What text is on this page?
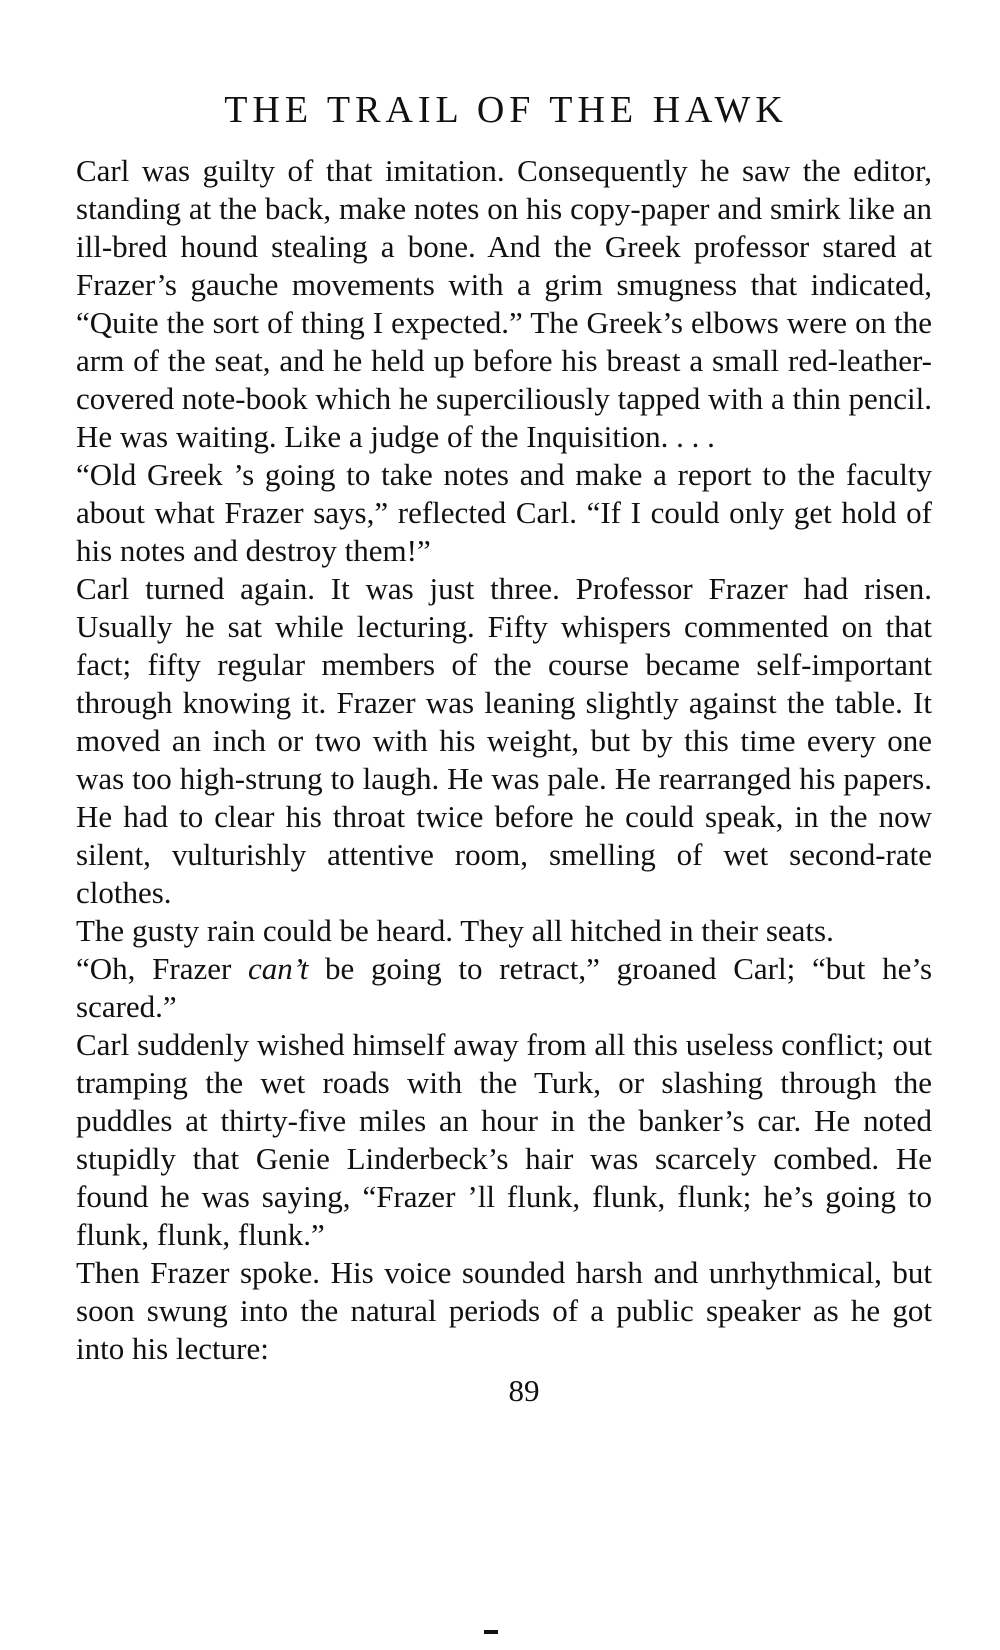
THE TRAIL OF THE HAWK

Carl was guilty of that imitation. Consequently he saw the editor, standing at the back, make notes on his copy-paper and smirk like an ill-bred hound stealing a bone. And the Greek professor stared at Frazer’s gauche movements with a grim smugness that indicated, “Quite the sort of thing I expected.” The Greek’s elbows were on the arm of the seat, and he held up before his breast a small red-leather-covered note-book which he superciliously tapped with a thin pencil. He was waiting. Like a judge of the Inquisition. . . .

“Old Greek ’s going to take notes and make a report to the faculty about what Frazer says,” reflected Carl. “If I could only get hold of his notes and destroy them!”

Carl turned again. It was just three. Professor Frazer had risen. Usually he sat while lecturing. Fifty whispers commented on that fact; fifty regular members of the course became self-important through knowing it. Frazer was leaning slightly against the table. It moved an inch or two with his weight, but by this time every one was too high-strung to laugh. He was pale. He rearranged his papers. He had to clear his throat twice before he could speak, in the now silent, vulturishly attentive room, smelling of wet second-rate clothes.

The gusty rain could be heard. They all hitched in their seats.

“Oh, Frazer can’t be going to retract,” groaned Carl; “but he’s scared.”

Carl suddenly wished himself away from all this useless conflict; out tramping the wet roads with the Turk, or slashing through the puddles at thirty-five miles an hour in the banker’s car. He noted stupidly that Genie Linderbeck’s hair was scarcely combed. He found he was saying, “Frazer ’ll flunk, flunk, flunk; he’s going to flunk, flunk, flunk.”

Then Frazer spoke. His voice sounded harsh and unrhythmical, but soon swung into the natural periods of a public speaker as he got into his lecture:

89
